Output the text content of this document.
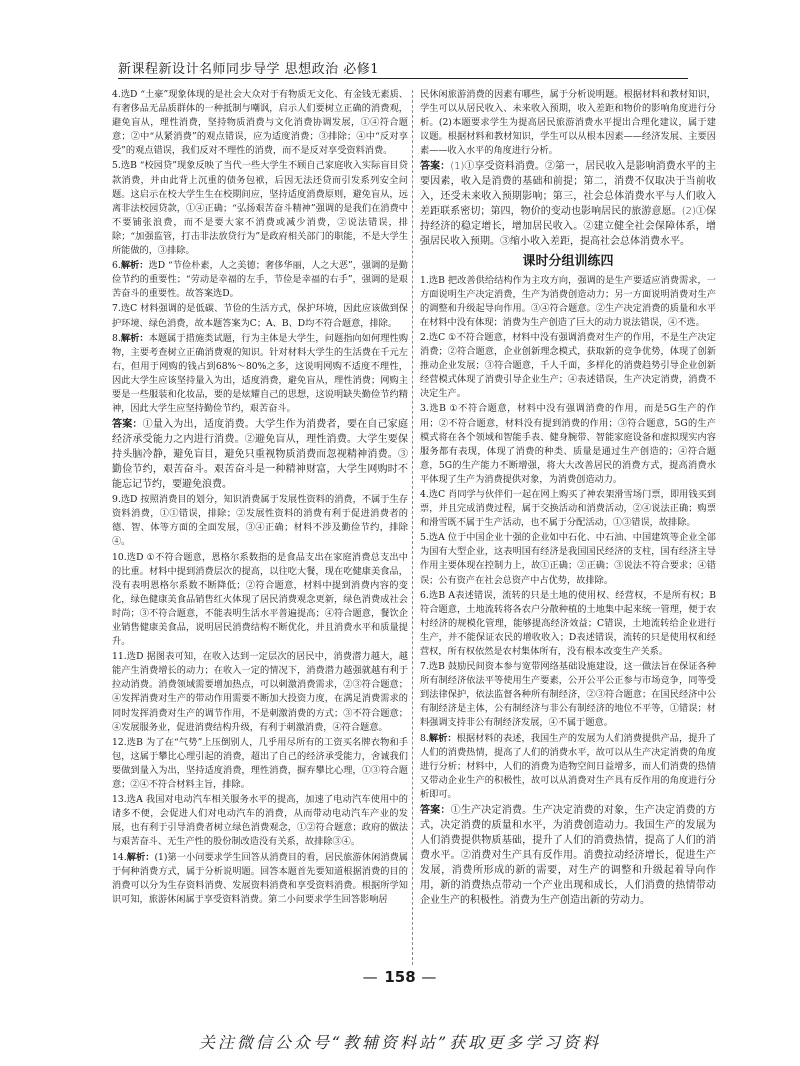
新课程新设计名师同步导学 思想政治 必修1
4.选D “土豪”现象体现的是社会大众对于有物质无文化、有金钱无素质、有奢侈品无品质群体的一种抵制与嘲讽，启示人们要树立正确的消费观，避免盲从，理性消费，坚持物质消费与文化消费协调发展，①④符合题意；②中“从紧消费”的观点错误，应为适度消费；③排除；④中“反对享受”的观点错误，我们反对不理性的消费，而不是反对享受资料消费。
5.选B “校园贷”现象反映了当代一些大学生不顾自己家庭收入实际盲目贷款消费，并由此背上沉重的债务包袱，后因无法还贷而引发系列安全问题。这启示在校大学生生在校期间应，坚持适度消费原则，避免盲从，远离非法校园贷款，①④正确；“弘扬艰苦奋斗精神”强调的是我们在消费中不要铺张浪费，而不是要大家不消费或减少消费，②说法错误，排除；“加强监管，打击非法放贷行为”是政府相关部门的职能，不是大学生所能做的，③排除。
6.解析：选D “节俭朴素，人之美德；奢侈华丽，人之大恶”，强调的是勤俭节约的重要性；“劳动是幸福的左手，节俭是幸福的右手”，强调的是艰苦奋斗的重要性。故答案选D。
7.选C 材料强调的是低碳、节俭的生活方式，保护环境，因此应该做到保护环境、绿色消费，故本题答案为C；A、B、D均不符合题意，排除。
8.解析：本题属于措施类试题，行为主体是大学生，问题指向如何理性购物，主要考查树立正确消费观的知识。针对材料大学生的生活费在千元左右，但用于网购的钱占到68%～80%之多，这说明网购不适度不理性，因此大学生应该坚持量入为出，适度消费，避免盲从，理性消费；网购主要是一些服装和化妆品，要的是炫耀自己的思想，这说明缺失勤俭节约精神，因此大学生应坚持勤俭节约，艰苦奋斗。
答案：①量入为出，适度消费。大学生作为消费者，要在自己家庭经济承受能力之内进行消费。②避免盲从，理性消费。大学生要保持头脑冷静，避免盲目，避免只重视物质消费而忽视精神消费。③勤俭节约，艰苦奋斗。艰苦奋斗是一种精神财富，大学生网购时不能忘记节约，要避免浪费。
9.选D 按照消费目的划分，知识消费属于发展性资料的消费，不属于生存资料消费，①①错误，排除；②发展性资料的消费有利于促进消费者的德、智、体等方面的全面发展，③④正确；材料不涉及勤俭节约，排除④。
10.选D ①不符合题意，恩格尔系数指的是食品支出在家庭消费总支出中的比重。材料中提到消费层次的提高，以往吃大餐，现在吃健康美食品，没有表明恩格尔系数不断降低；②符合题意，材料中提到消费内容的变化，绿色健康美食品销售红火体现了居民消费观念更新，绿色消费成社会时尚；③不符合题意，不能表明生活水平普遍提高；④符合题意，餐饮企业销售健康美食品，说明居民消费结构不断优化，并且消费水平和质量提升。
11.选D 据图表可知，在收入达到一定层次的居民中，消费潜力越大，越能产生消费增长的动力；在收入一定的情况下，消费潜力越强就越有利于拉动消费。消费领域需要增加热点，可以刺激消费需求，②③符合题意；④发挥消费对生产的带动作用需要不断加大投资力度，在满足消费需求的同时发挥消费对生产的调节作用，不是刺激消费的方式；③不符合题意；④发展服务业，促进消费结构升级，有利于刺激消费，④符合题意。
12.选B 为了在“气势”上压倒别人，几乎用尽所有的工资买名牌衣物和手包，这属于攀比心理引起的消费，超出了自己的经济承受能力，舍诚我们要做到量入为出，坚持适度消费，理性消费，摒弃攀比心理，①③符合题意；②④不符合材料主旨，排除。
13.选A 我国对电动汽车相关服务水平的提高，加速了电动汽车使用中的诸多不便，会促进人们对电动汽车的消费，从而带动电动汽车产业的发展，也有利于引导消费者树立绿色消费观念，①②符合题意；政府的做法与艰苦奋斗、无生产性的股份制改造没有关系，故排除③④。
14.解析：(1)第一小问要求学生回答从消费目的看，居民旅游休闲消费属于何种消费方式，属于分析说明题。回答本题首先要知道根据消费的目的消费可以分为生存资料消费、发展资料消费和享受资料消费。根据所学知识可知，旅游休闲属于享受资料消费。第二小问要求学生回答影响居
民休闲旅游消费的因素有哪些，属于分析说明题。根据材料和教材知识，学生可以从居民收入、未来收入预期，收入差距和物价的影响角度进行分析。(2)本题要求学生为提高居民旅游消费水平提出合理化建议，属于建议题。根据材料和教材知识，学生可以从根本因素——经济发展、主要因素——收入水平的角度进行分析。
答案：(1)①享受资料消费。②第一，居民收入是影响消费水平的主要因素，收入是消费的基础和前提；第二，消费不仅取决于当前收入，还受未来收入预期影响；第三，社会总体消费水平与人们收入差距联系密切；第四，物价的变动也影响居民的旅游意愿。(2)①保持经济的稳定增长，增加居民收入。②建立健全社会保障体系，增强居民收入预期。③缩小收入差距，提高社会总体消费水平。
课时分组训练四
1.选B 把改善供给结构作为主攻方向，强调的是生产要适应消费需求，一方面说明生产决定消费，生产为消费创造动力；另一方面说明消费对生产的调整和升级起导向作用。③④符合题意。②生产决定消费的质量和水平在材料中没有体现；消费为生产创造了巨大的动力说法错误，④不选。
2.选C ①不符合题意，材料中没有强调消费对生产的作用，不是生产决定消费；②符合题意，企业创新理念模式，获取新的竞争优势，体现了创新推动企业发展；③符合题意，千人千面，多样化的消费趋势引导企业创新经营模式体现了消费引导企业生产；④表述错误，生产决定消费，消费不决定生产。
3.选B ①不符合题意，材料中没有强调消费的作用，而是5G生产的作用；②不符合题意，材料没有提到消费的作用；③符合题意，5G的生产模式将在各个领域和智能手表、健身腕带、智能家庭设备和虚拟现实内容服务都有表现，体现了消费的种类、质量是通过生产创造的；④符合题意，5G的生产能力不断增强，将大大改善居民的消费方式，提高消费水平体现了生产为消费提供对象，为消费创造动力。
4.选C 肖同学与伙伴们一起在网上购买了神农架滑雪场门票，即用钱买到票，并且完成消费过程，属于交换活动和消费活动，②④说法正确；购票和滑雪既不属于生产活动，也不属于分配活动，①③错误，故排除。
5.选A 位于中国企业十强的企业如中石化、中石油、中国建筑等企业全部为国有大型企业，这表明国有经济是我国国民经济的支柱，国有经济主导作用主要体现在控制力上，故①正确；②正确；③说法不符合要求；④错误；公有资产在社会总资产中占优势，故排除。
6.选B A表述错误，流转的只是土地的使用权、经营权，不是所有权；B符合题意，土地流转将各农户分散种植的土地集中起来统一管理，便于农村经济的规模化管理，能够提高经济效益；C错误，土地流转给企业进行生产，并不能保证农民的增收收入；D表述错误，流转的只是使用权和经营权，所有权依然是农村集体所有，没有根本改变生产关系。
7.选B 鼓励民间资本参与宽带网络基础设施建设，这一做法旨在保证各种所有制经济依法平等使用生产要素，公开公平公正参与市场竞争，同等受到法律保护，依法监督各种所有制经济，②③符合题意；在国民经济中公有制经济是主体，公有制经济与非公有制经济的地位不平等，①错误；材料强调支持非公有制经济发展，④不属于题意。
8.解析：根据材料的表述，我国生产的发展为人们消费提供产品，提升了人们的消费热情，提高了人们的消费水平，故可以从生产决定消费的角度进行分析；材料中，人们的消费为造物空间日益增多，而人们消费的热情又带动企业生产的积极性，故可以从消费对生产具有反作用的角度进行分析即可。
答案：①生产决定消费。生产决定消费的对象，生产决定消费的方式，决定消费的质量和水平，为消费创造动力。我国生产的发展为人们消费提供物质基础，提升了人们的消费热情，提高了人们的消费水平。②消费对生产具有反作用。消费拉动经济增长，促进生产发展，消费所形成的新的需要，对生产的调整和升级起着导向作用，新的消费热点带动一个产业出现和成长，人们消费的热情带动企业生产的积极性。消费为生产创造出新的劳动力。
— 158 —
关注微信公众号“教辅资料站”获取更多学习资料
